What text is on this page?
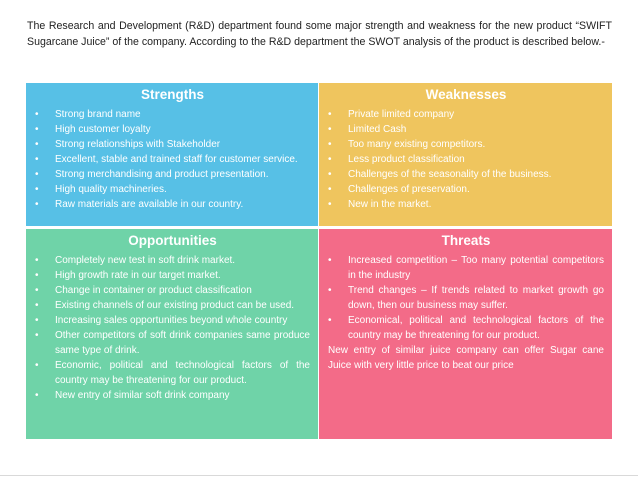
The Research and Development (R&D) department found some major strength and weakness for the new product “SWIFT Sugarcane Juice” of the company. According to the R&D department the SWOT analysis of the product is described below.-
Strengths
•	Strong brand name
•	High customer loyalty
•	Strong relationships with Stakeholder
•	Excellent, stable and trained staff for customer service.
•	Strong merchandising and product presentation.
•	High quality machineries.
•	Raw materials are available in our country.
Weaknesses
•	Private limited company
•	Limited Cash
•	Too many existing competitors.
•	Less product classification
•	Challenges of the seasonality of the business.
•	Challenges of preservation.
•	New in the market.
Opportunities
•	Completely new test in soft drink market.
•	High growth rate in our target market.
•	Change in container or product classification
•	Existing channels of our existing product can be used.
•	Increasing sales opportunities beyond whole country
•	Other competitors of soft drink companies same produce same type of drink.
•	Economic, political and technological factors of the country may be threatening for our product.
•	New entry of similar soft drink company
Threats
•	Increased competition – Too many potential competitors in the industry
•	Trend changes – If trends related to market growth go down, then our business may suffer.
•	Economical, political and technological factors of the country may be threatening for our product.

New entry of similar juice company can offer Sugar cane Juice with very little price to beat our price
